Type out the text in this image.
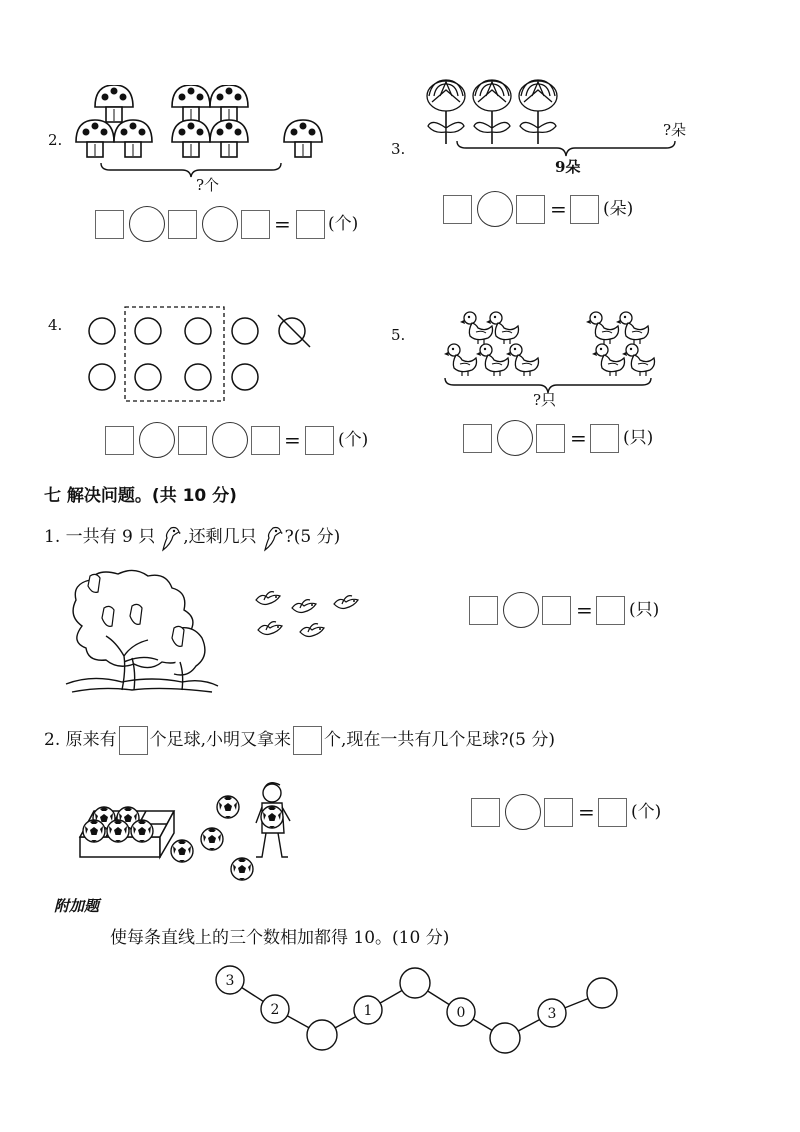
2.
?个
= (个)
3.
?朵
9朵
= (朵)
4.
= (个)
5.
?只
= (只)
七 解决问题。(共 10 分)
1. 一共有 9 只 ,还剩几只 ?(5 分)
= (只)
2. 原来有 个足球,小明又拿来 个,现在一共有几个足球?(5 分)
= (个)
附加题
使每条直线上的三个数相加都得 10。(10 分)
3
2	1	0	3
